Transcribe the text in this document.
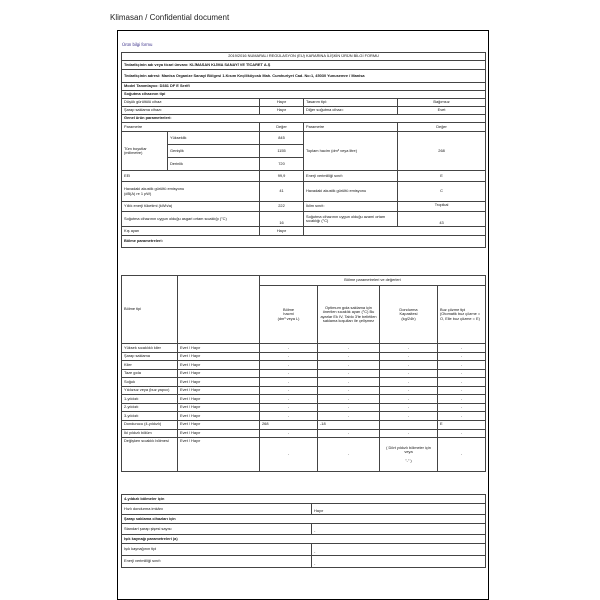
Klimasan / Confidential document
Ürün bilgi formu
2019/2016 NUMARALI REGÜLASYON (EU) KARARINA İLİŞKİN ÜRÜN BİLGİ FORMU				
Tedarikçinin adı veya ticari ünvanı: KLİMASAN KLİMA SANAYİ VE TİCARET A.Ş				
Tedarikçinin adresi: Manisa Organize Sanayi Bölgesi 1.Kısım Keçiliköyosb Mah. Cumhuriyet Cad. No:1, 45030 Yunusemre / Manisa				
Model Tanımlayıcı: D381 DF E Serifi				
Soğutma cihazının tipi				
Düşük gürültülü cihaz:		Hayır	Tasarım tipi:	Bağımsız
Şarap saklama cihazı:		Hayır	Diğer soğutma cihazı:	Evet
Genel ürün parametreleri:				
Parametre		Değer	Parametre	Değer
Tüm boyutlar
(milimetre)	Yükseklik	845	Toplam hacim (dm³ veya litre)	268
	Genişlik	1155		
	Derinlik	720		
EEI		99,9	Enerji verimliliği sınıfı	E
Havadaki akustik gürültü emisyonu
(dB(A) re 1 pW)		41	Havadaki akustik gürültü emisyonu	C
Yıllık enerji tüketimi (kWh/a)		222	İklim sınıfı:	Tropikal
Soğutma cihazının uygun olduğu asgari ortam sıcaklığı (°C)		16	Soğutma cihazının uygun olduğu azami ortam sıcaklığı (°C)	43
Kış ayarı		Hayır		
Bölme parametreleri:				
Bölme tipi		Bölme parametreleri ve değerleri			
		Bölme
hacmi
(dm³ veya L)	Optimum gıda saklama için önerilen sıcaklık ayarı (°C) Bu ayarlar Ek IV, Tablo 3'te belirtilen saklama koşulları ile çelişmez	Dondurma
Kapasitesi
(kg/24h)	Buz çözme tipi (Otomatik buz çözme = O, Elle buz çözme = E)
Yüksek sıcaklıklı kiler	Evet / Hayır	-	-	-	-
Şarap saklama	Evet / Hayır	-	-	-	-
Kiler	Evet / Hayır	-	-	-	-
Taze gıda	Evet / Hayır	-	-	-	-
Soğuk	Evet / Hayır	-	-	-	-
Yıldızsız veya (buz yapıcı)	Evet / Hayır	-	-	-	-
1-yıldızlı	Evet / Hayır	-	-	-	-
2-yıldızlı	Evet / Hayır	-	-	-	-
3-yıldızlı	Evet / Hayır	-	-	-	-
Dondurucu (4-yıldızlı)	Evet / Hayır	268	-18		E
İki yıldızlı bölüm	Evet / Hayır	-	-	-	-
Değişken sıcaklık bölmesi	Evet / Hayır	-	-	( Dört yıldızlı bölmeler için veya

"-" )	-
4-yıldızlı bölmeler için	
Hızlı dondurma imkânı	Hayır
Şarap saklama cihazları için	
Standart şarap şişesi sayısı	-
Işık kaynağı parametreleri (a)	
Işık kaynağının tipi	-
Enerji verimliliği sınıfı	-
